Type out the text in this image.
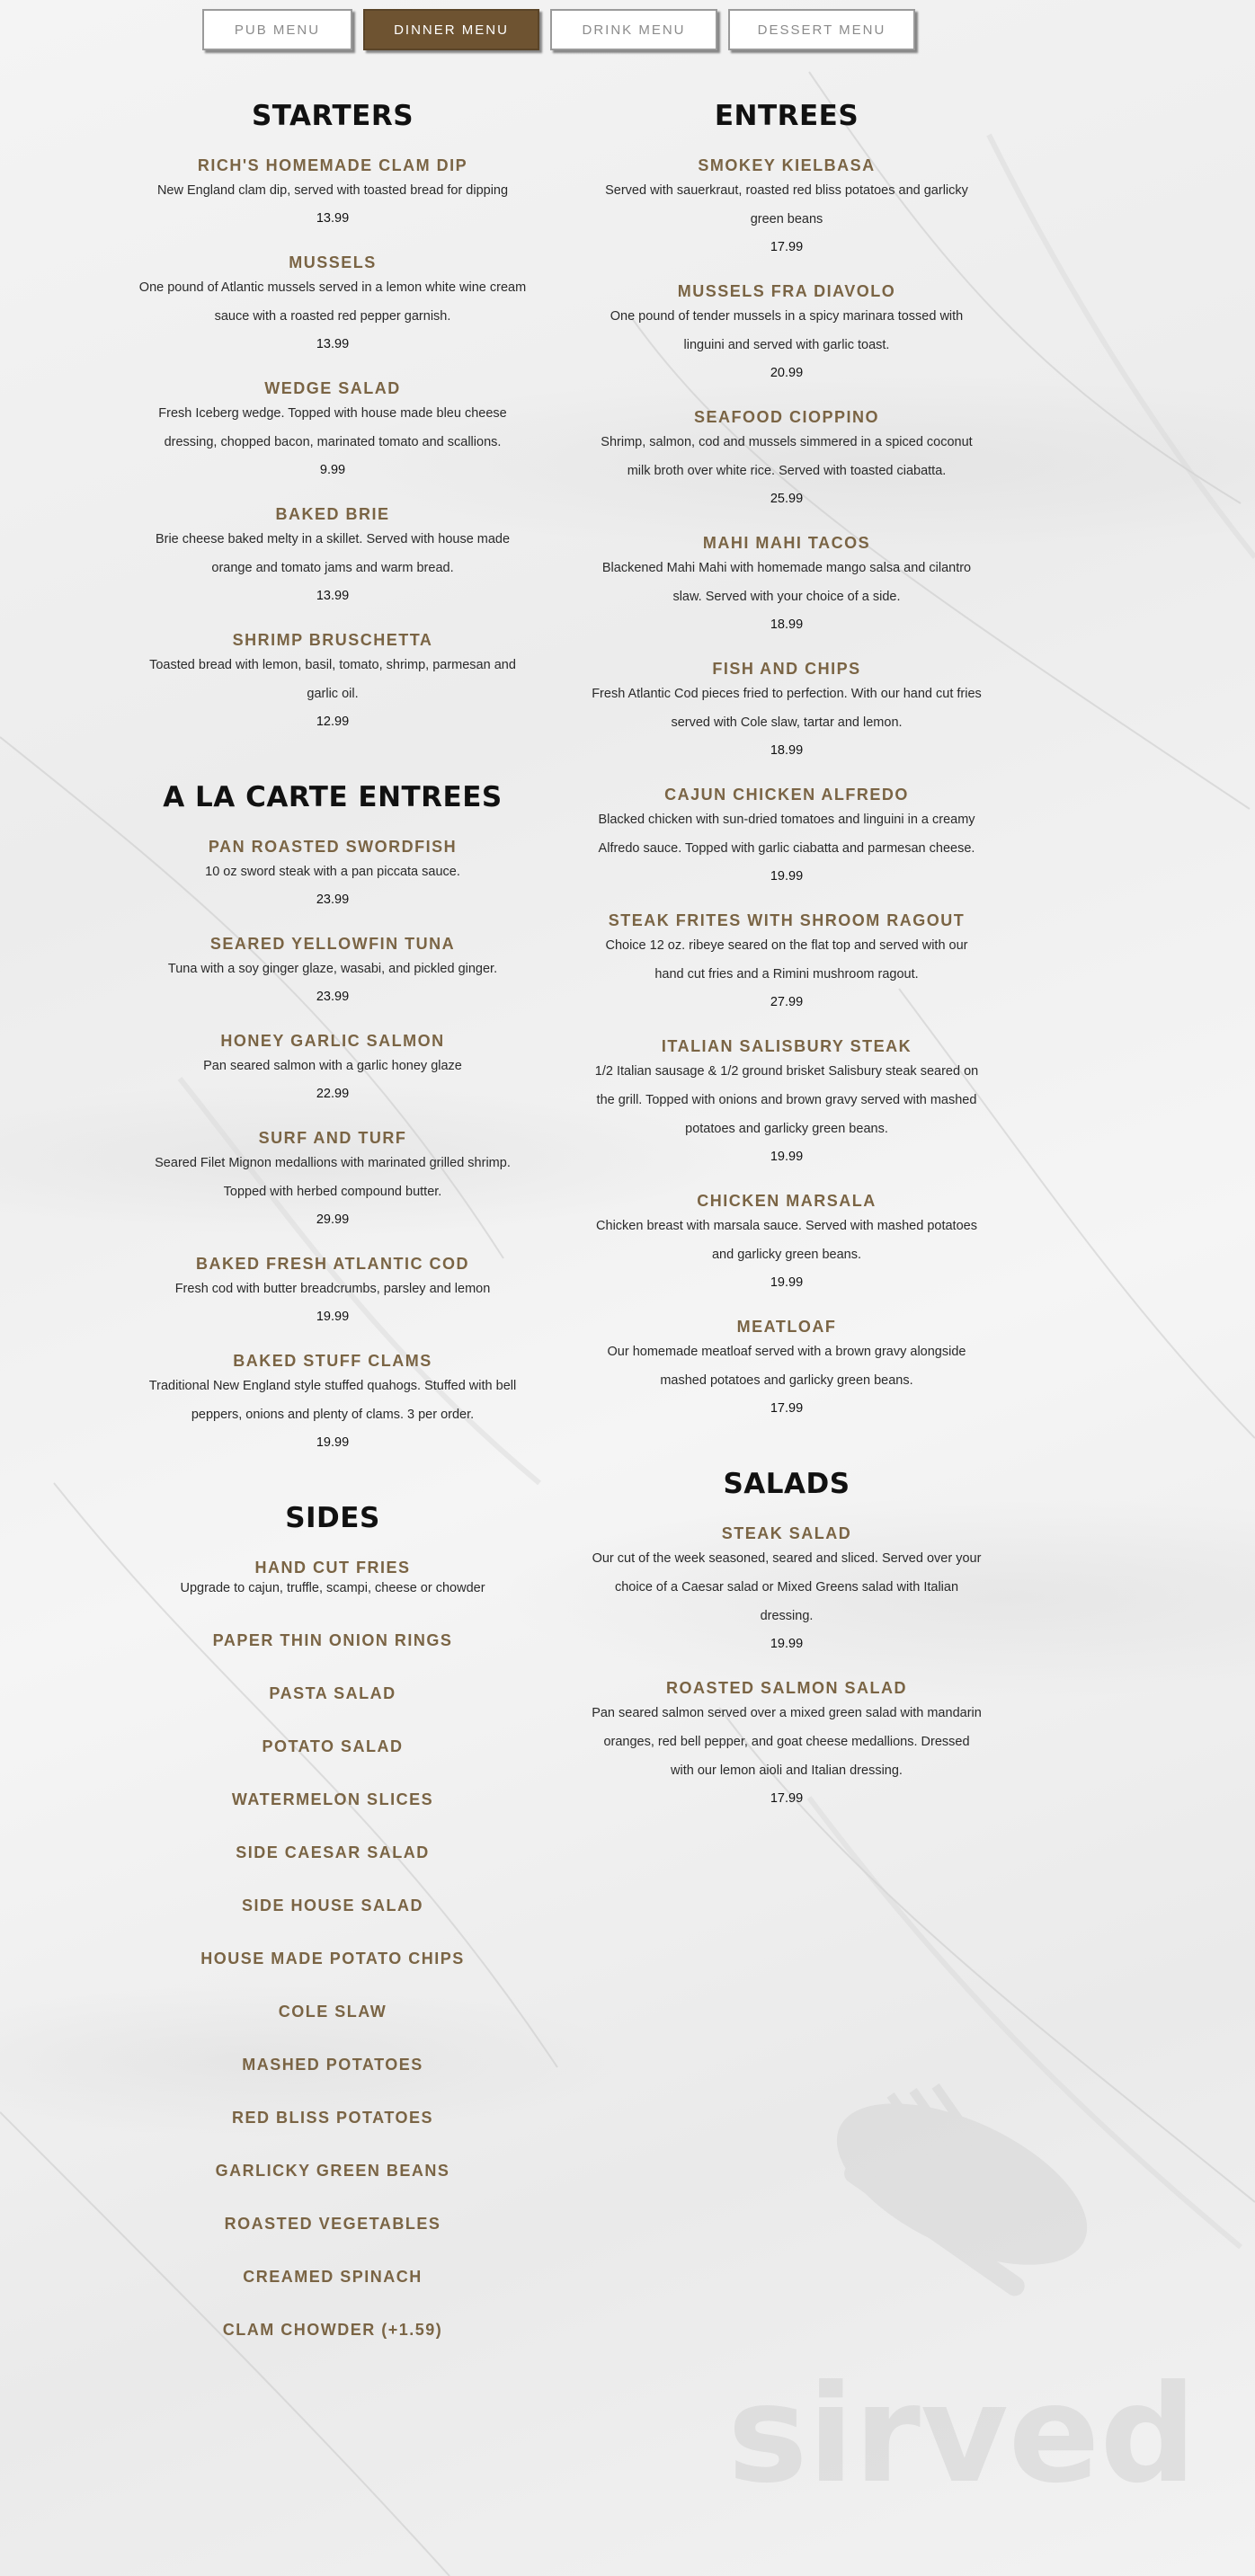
PUB MENU	DINNER MENU	DRINK MENU	DESSERT MENU
STARTERS
RICH'S HOMEMADE CLAM DIP
New England clam dip, served with toasted bread for dipping
13.99
MUSSELS
One pound of Atlantic mussels served in a lemon white wine cream sauce with a roasted red pepper garnish.
13.99
WEDGE SALAD
Fresh Iceberg wedge. Topped with house made bleu cheese dressing, chopped bacon, marinated tomato and scallions.
9.99
BAKED BRIE
Brie cheese baked melty in a skillet. Served with house made orange and tomato jams and warm bread.
13.99
SHRIMP BRUSCHETTA
Toasted bread with lemon, basil, tomato, shrimp, parmesan and garlic oil.
12.99
A LA CARTE ENTREES
PAN ROASTED SWORDFISH
10 oz sword steak with a pan piccata sauce.
23.99
SEARED YELLOWFIN TUNA
Tuna with a soy ginger glaze, wasabi, and pickled ginger.
23.99
HONEY GARLIC SALMON
Pan seared salmon with a garlic honey glaze
22.99
SURF AND TURF
Seared Filet Mignon medallions with marinated grilled shrimp. Topped with herbed compound butter.
29.99
BAKED FRESH ATLANTIC COD
Fresh cod with butter breadcrumbs, parsley and lemon
19.99
BAKED STUFF CLAMS
Traditional New England style stuffed quahogs. Stuffed with bell peppers, onions and plenty of clams. 3 per order.
19.99
SIDES
HAND CUT FRIES
Upgrade to cajun, truffle, scampi, cheese or chowder
PAPER THIN ONION RINGS
PASTA SALAD
POTATO SALAD
WATERMELON SLICES
SIDE CAESAR SALAD
SIDE HOUSE SALAD
HOUSE MADE POTATO CHIPS
COLE SLAW
MASHED POTATOES
RED BLISS POTATOES
GARLICKY GREEN BEANS
ROASTED VEGETABLES
CREAMED SPINACH
CLAM CHOWDER (+1.59)
ENTREES
SMOKEY KIELBASA
Served with sauerkraut, roasted red bliss potatoes and garlicky green beans
17.99
MUSSELS FRA DIAVOLO
One pound of tender mussels in a spicy marinara tossed with linguini and served with garlic toast.
20.99
SEAFOOD CIOPPINO
Shrimp, salmon, cod and mussels simmered in a spiced coconut milk broth over white rice. Served with toasted ciabatta.
25.99
MAHI MAHI TACOS
Blackened Mahi Mahi with homemade mango salsa and cilantro slaw. Served with your choice of a side.
18.99
FISH AND CHIPS
Fresh Atlantic Cod pieces fried to perfection. With our hand cut fries served with Cole slaw, tartar and lemon.
18.99
CAJUN CHICKEN ALFREDO
Blacked chicken with sun-dried tomatoes and linguini in a creamy Alfredo sauce. Topped with garlic ciabatta and parmesan cheese.
19.99
STEAK FRITES WITH SHROOM RAGOUT
Choice 12 oz. ribeye seared on the flat top and served with our hand cut fries and a Rimini mushroom ragout.
27.99
ITALIAN SALISBURY STEAK
1/2 Italian sausage & 1/2 ground brisket Salisbury steak seared on the grill. Topped with onions and brown gravy served with mashed potatoes and garlicky green beans.
19.99
CHICKEN MARSALA
Chicken breast with marsala sauce. Served with mashed potatoes and garlicky green beans.
19.99
MEATLOAF
Our homemade meatloaf served with a brown gravy alongside mashed potatoes and garlicky green beans.
17.99
SALADS
STEAK SALAD
Our cut of the week seasoned, seared and sliced. Served over your choice of a Caesar salad or Mixed Greens salad with Italian dressing.
19.99
ROASTED SALMON SALAD
Pan seared salmon served over a mixed green salad with mandarin oranges, red bell pepper, and goat cheese medallions. Dressed with our lemon aioli and Italian dressing.
17.99
sirved
